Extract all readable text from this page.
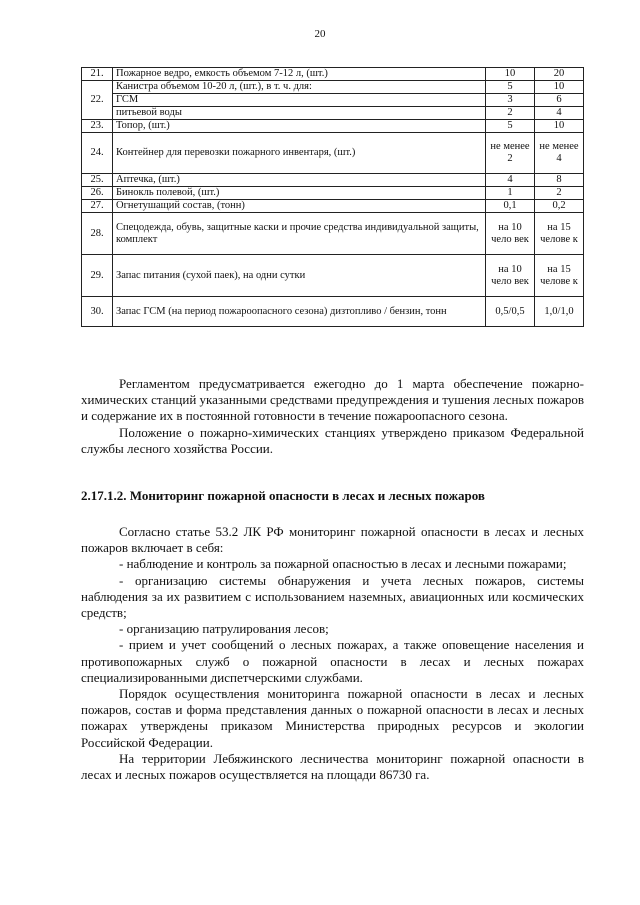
20
21.	Пожарное ведро, емкость объемом 7-12 л, (шт.)	10	20
22.	Канистра объемом 10-20 л, (шт.), в т. ч. для:	5	10
	ГСМ	3	6
	питьевой воды	2	4
23.	Топор, (шт.)	5	10
24.	Контейнер для перевозки пожарного инвентаря, (шт.)	не менее 2	не менее 4
25.	Аптечка, (шт.)	4	8
26.	Бинокль полевой, (шт.)	1	2
27.	Огнетушащий состав, (тонн)	0,1	0,2
28.	Спецодежда, обувь, защитные каски и прочие средства индивидуальной защиты, комплект	на 10 чело век	на 15 челове к
29.	Запас питания (сухой паек), на одни сутки	на 10 чело век	на 15 челове к
30.	Запас ГСМ (на период пожароопасного сезона) дизтопливо / бензин, тонн	0,5/0,5	1,0/1,0

Регламентом предусматривается ежегодно до 1 марта обеспечение пожарно-химических станций указанными средствами предупреждения и тушения лесных пожаров и содержание их в постоянной готовности в течение пожароопасного сезона.

Положение о пожарно-химических станциях утверждено приказом Федеральной службы лесного хозяйства России.

2.17.1.2. Мониторинг пожарной опасности в лесах и лесных пожаров

Согласно статье 53.2 ЛК РФ мониторинг пожарной опасности в лесах и лесных пожаров включает в себя:

- наблюдение и контроль за пожарной опасностью в лесах и лесными пожарами;

- организацию системы обнаружения и учета лесных пожаров, системы наблюдения за их развитием с использованием наземных, авиационных или космических средств;

- организацию патрулирования лесов;

- прием и учет сообщений о лесных пожарах, а также оповещение населения и противопожарных служб о пожарной опасности в лесах и лесных пожарах специализированными диспетчерскими службами.

Порядок осуществления мониторинга пожарной опасности в лесах и лесных пожаров, состав и форма представления данных о пожарной опасности в лесах и лесных пожарах утверждены приказом Министерства природных ресурсов и экологии Российской Федерации.

На территории Лебяжинского лесничества мониторинг пожарной опасности в лесах и лесных пожаров осуществляется на площади 86730 га.
